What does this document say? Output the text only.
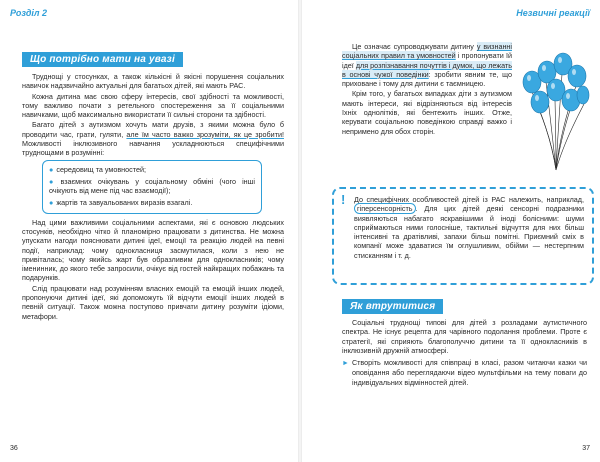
Розділ 2
Що потрібно мати на увазі

Труднощі у стосунках, а також кількісні й якісні порушення соціальних навичок надзвичайно актуальні для багатьох дітей, які мають РАС.

Кожна дитина має свою сферу інтересів, свої здібності та можливості, тому важливо почати з ретельного спостереження за її соціальними навичками, щоб максимально використати її сильні сторони та здібності.

Багато дітей з аутизмом хочуть мати друзів, з якими можна було б проводити час, грати, гуляти, але їм часто важко зрозуміти, як це зробити! Можливості інклюзивного навчання ускладнюються специфічними труднощами в розумінні:

● середовищ та умовностей;
● взаємних очікувань у соціальному обміні (чого інші очікують від мене під час взаємодії);
● жартів та завуальованих виразів взагалі.

Над цими важливими соціальними аспектами, які є основою людських стосунків, необхідно чітко й планомірно працювати з дитинства. Не можна упускати нагоди пояснювати дитині ідеї, емоції та реакцію людей на певні події, наприклад: чому однокласниця засмутилася, коли з нею не привіталась; чому якийсь жарт був образливим для однокласників; чому іменинник, до якого тебе запросили, очікує від гостей найкращих побажань та подарунків.

Слід працювати над розумінням власних емоцій та емоцій інших людей, пропонуючи дитині ідеї, які допоможуть їй відчути емоції інших людей в певній ситуації. Також можна поступово привчати дитину розуміти ідіоми, метафори.

36
Незвичні реакції

Це означає супроводжувати дитину у визнанні соціальних правил та умовностей і пропонувати їй ідеї для розпізнавання почуттів і думок, що лежать в основі чужої поведінки: зробити явним те, що приховане і тому для дитини є таємницею.

Крім того, у багатьох випадках діти з аутизмом мають інтереси, які відрізняються від інтересів їхніх однолітків, які бентежить інших. Отже, керувати соціальною поведінкою справді важко і непримено для обох сторін.

! До специфічних особливостей дітей із РАС належить, наприклад, гіперсенсорність . Для цих дітей деякі сенсорні подразники виявляються набагато яскравішими й іноді болісними: шуми сприймаються ними голосніше, тактильні відчуття для них більш інтенсивні та дратівливі, запахи більш помітні. Приємний сміх в компанії може здаватися їм оглушливим, обійми — нестерпним стисканням і т. д.
Як втрутитися

Соціальні труднощі типові для дітей з розладами аутистичного спектра. Не існує рецепта для чарівного подолання проблеми. Проте є стратегії, які сприяють благополуччю дитини та її однокласників в інклюзивній дружній атмосфері.

► Створіть можливості для співпраці в класі, разом читаючи казки чи оповідання або переглядаючи відео мультфільми на тему поваги до індивідуальних відмінностей дітей.
37
